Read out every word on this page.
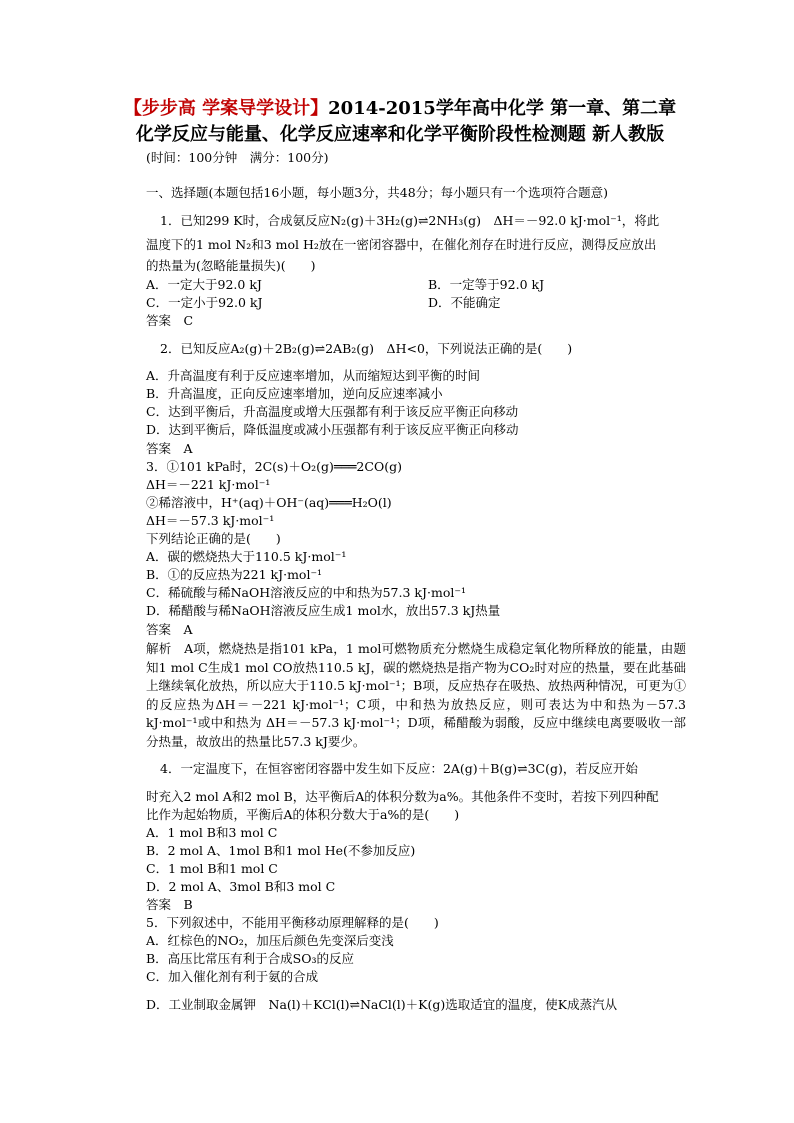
【步步高 学案导学设计】2014-2015学年高中化学 第一章、第二章
化学反应与能量、化学反应速率和化学平衡阶段性检测题 新人教版
(时间：100分钟　满分：100分)
一、选择题(本题包括16小题，每小题3分，共48分；每小题只有一个选项符合题意)
1．已知299 K时，合成氨反应N₂(g)＋3H₂(g)⇌2NH₃(g)　ΔH＝－92.0 kJ·mol⁻¹，将此
温度下的1 mol N₂和3 mol H₂放在一密闭容器中，在催化剂存在时进行反应，测得反应放出
的热量为(忽略能量损失)(　　)
A．一定大于92.0 kJ	B．一定等于92.0 kJ
C．一定小于92.0 kJ	D．不能确定
答案　C
2．已知反应A₂(g)＋2B₂(g)⇌2AB₂(g)　ΔH<0，下列说法正确的是(　　)
A．升高温度有利于反应速率增加，从而缩短达到平衡的时间
B．升高温度，正向反应速率增加，逆向反应速率减小
C．达到平衡后，升高温度或增大压强都有利于该反应平衡正向移动
D．达到平衡后，降低温度或减小压强都有利于该反应平衡正向移动
答案　A
3．①101 kPa时，2C(s)＋O₂(g)═══2CO(g)
ΔH＝－221 kJ·mol⁻¹
②稀溶液中，H⁺(aq)＋OH⁻(aq)═══H₂O(l)
ΔH＝－57.3 kJ·mol⁻¹
下列结论正确的是(　　)
A．碳的燃烧热大于110.5 kJ·mol⁻¹
B．①的反应热为221 kJ·mol⁻¹
C．稀硫酸与稀NaOH溶液反应的中和热为57.3 kJ·mol⁻¹
D．稀醋酸与稀NaOH溶液反应生成1 mol水，放出57.3 kJ热量
答案　A
解析　A项，燃烧热是指101 kPa，1 mol可燃物质充分燃烧生成稳定氧化物所释放的能量，由题知1 mol C生成1 mol CO放热110.5 kJ，碳的燃烧热是指产物为CO₂时对应的热量，要在此基础上继续氧化放热，所以应大于110.5 kJ·mol⁻¹；B项，反应热存在吸热、放热两种情况，可更为①的反应热为ΔH＝－221 kJ·mol⁻¹；C项，中和热为放热反应，则可表达为中和热为－57.3 kJ·mol⁻¹或中和热为 ΔH＝－57.3 kJ·mol⁻¹；D项，稀醋酸为弱酸，反应中继续电离要吸收一部分热量，故放出的热量比57.3 kJ要少。
4．一定温度下，在恒容密闭容器中发生如下反应：2A(g)＋B(g)⇌3C(g)，若反应开始
时充入2 mol A和2 mol B，达平衡后A的体积分数为a%。其他条件不变时，若按下列四种配
比作为起始物质，平衡后A的体积分数大于a%的是(　　)
A．1 mol B和3 mol C
B．2 mol A、1mol B和1 mol He(不参加反应)
C．1 mol B和1 mol C
D．2 mol A、3mol B和3 mol C
答案　B
5．下列叙述中，不能用平衡移动原理解释的是(　　)
A．红棕色的NO₂，加压后颜色先变深后变浅
B．高压比常压有利于合成SO₃的反应
C．加入催化剂有利于氨的合成
D．工业制取金属钾　Na(l)＋KCl(l)⇌NaCl(l)＋K(g)选取适宜的温度，使K成蒸汽从
